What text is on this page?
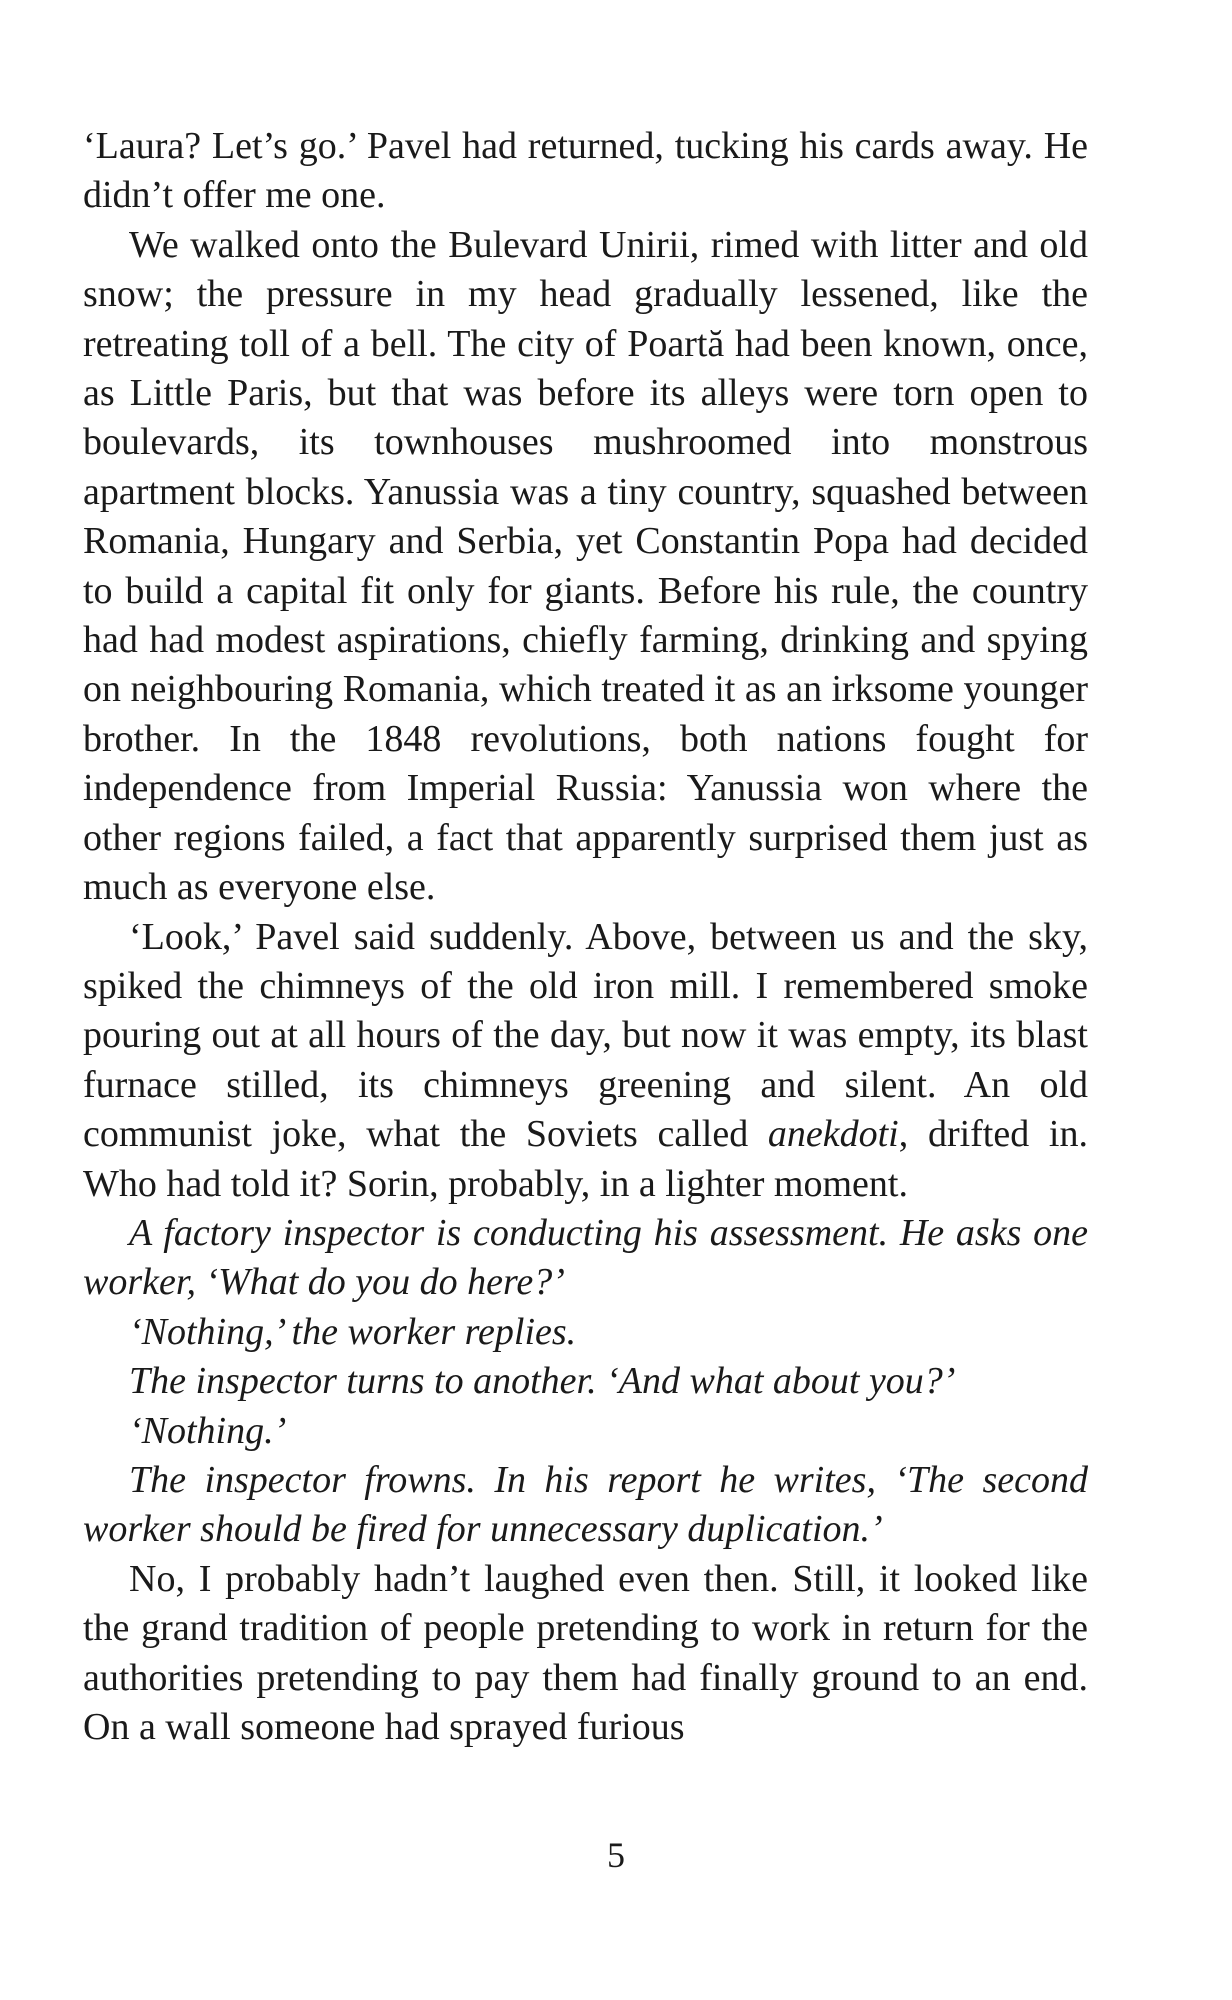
‘Laura? Let’s go.’ Pavel had returned, tucking his cards away. He didn’t offer me one.

We walked onto the Bulevard Unirii, rimed with litter and old snow; the pressure in my head gradually lessened, like the retreating toll of a bell. The city of Poartă had been known, once, as Little Paris, but that was before its alleys were torn open to boulevards, its townhouses mushroomed into monstrous apartment blocks. Yanussia was a tiny country, squashed between Romania, Hungary and Serbia, yet Constantin Popa had decided to build a capital fit only for giants. Before his rule, the country had had modest aspirations, chiefly farming, drinking and spying on neighbouring Romania, which treated it as an irksome younger brother. In the 1848 revolutions, both nations fought for independence from Imperial Russia: Yanussia won where the other regions failed, a fact that apparently surprised them just as much as everyone else.

‘Look,’ Pavel said suddenly. Above, between us and the sky, spiked the chimneys of the old iron mill. I remembered smoke pouring out at all hours of the day, but now it was empty, its blast furnace stilled, its chimneys greening and silent. An old communist joke, what the Soviets called anekdoti, drifted in. Who had told it? Sorin, probably, in a lighter moment.

A factory inspector is conducting his assessment. He asks one worker, ‘What do you do here?’

‘Nothing,’ the worker replies.

The inspector turns to another. ‘And what about you?’

‘Nothing.’

The inspector frowns. In his report he writes, ‘The second worker should be fired for unnecessary duplication.’

No, I probably hadn’t laughed even then. Still, it looked like the grand tradition of people pretending to work in return for the authorities pretending to pay them had finally ground to an end. On a wall someone had sprayed furious

5
